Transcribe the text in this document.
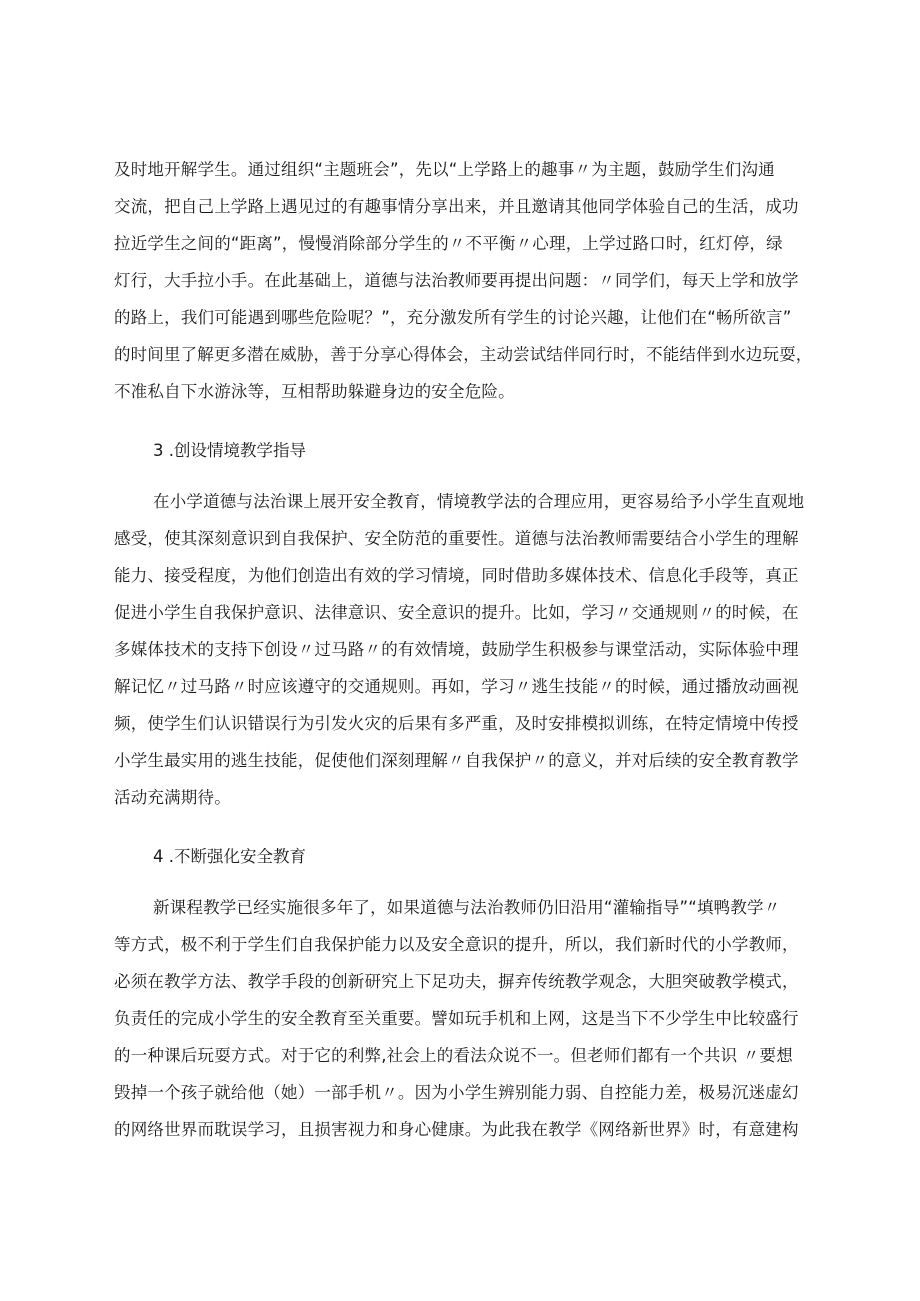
及时地开解学生。通过组织“主题班会”，先以“上学路上的趣事〃为主题，鼓励学生们沟通
交流，把自己上学路上遇见过的有趣事情分享出来，并且邀请其他同学体验自己的生活，成功
拉近学生之间的“距离”，慢慢消除部分学生的〃不平衡〃心理，上学过路口时，红灯停，绿
灯行，大手拉小手。在此基础上，道德与法治教师要再提出问题：〃同学们，每天上学和放学
的路上，我们可能遇到哪些危险呢？”，充分激发所有学生的讨论兴趣，让他们在“畅所欲言”
的时间里了解更多潜在威胁，善于分享心得体会，主动尝试结伴同行时，不能结伴到水边玩耍，
不准私自下水游泳等，互相帮助躲避身边的安全危险。
3 .创设情境教学指导
在小学道德与法治课上展开安全教育，情境教学法的合理应用，更容易给予小学生直观地
感受，使其深刻意识到自我保护、安全防范的重要性。道德与法治教师需要结合小学生的理解
能力、接受程度，为他们创造出有效的学习情境，同时借助多媒体技术、信息化手段等，真正
促进小学生自我保护意识、法律意识、安全意识的提升。比如，学习〃交通规则〃的时候，在
多媒体技术的支持下创设〃过马路〃的有效情境，鼓励学生积极参与课堂活动，实际体验中理
解记忆〃过马路〃时应该遵守的交通规则。再如，学习〃逃生技能〃的时候，通过播放动画视
频，使学生们认识错误行为引发火灾的后果有多严重，及时安排模拟训练，在特定情境中传授
小学生最实用的逃生技能，促使他们深刻理解〃自我保护〃的意义，并对后续的安全教育教学
活动充满期待。
4 .不断强化安全教育
新课程教学已经实施很多年了，如果道德与法治教师仍旧沿用“灌输指导”“填鸭教学〃
等方式，极不利于学生们自我保护能力以及安全意识的提升，所以，我们新时代的小学教师，
必须在教学方法、教学手段的创新研究上下足功夫，摒弃传统教学观念，大胆突破教学模式，
负责任的完成小学生的安全教育至关重要。譬如玩手机和上网，这是当下不少学生中比较盛行
的一种课后玩耍方式。对于它的利弊,社会上的看法众说不一。但老师们都有一个共识 〃要想
毁掉一个孩子就给他（她）一部手机〃。因为小学生辨别能力弱、自控能力差，极易沉迷虚幻
的网络世界而耽误学习，且损害视力和身心健康。为此我在教学《网络新世界》时，有意建构
